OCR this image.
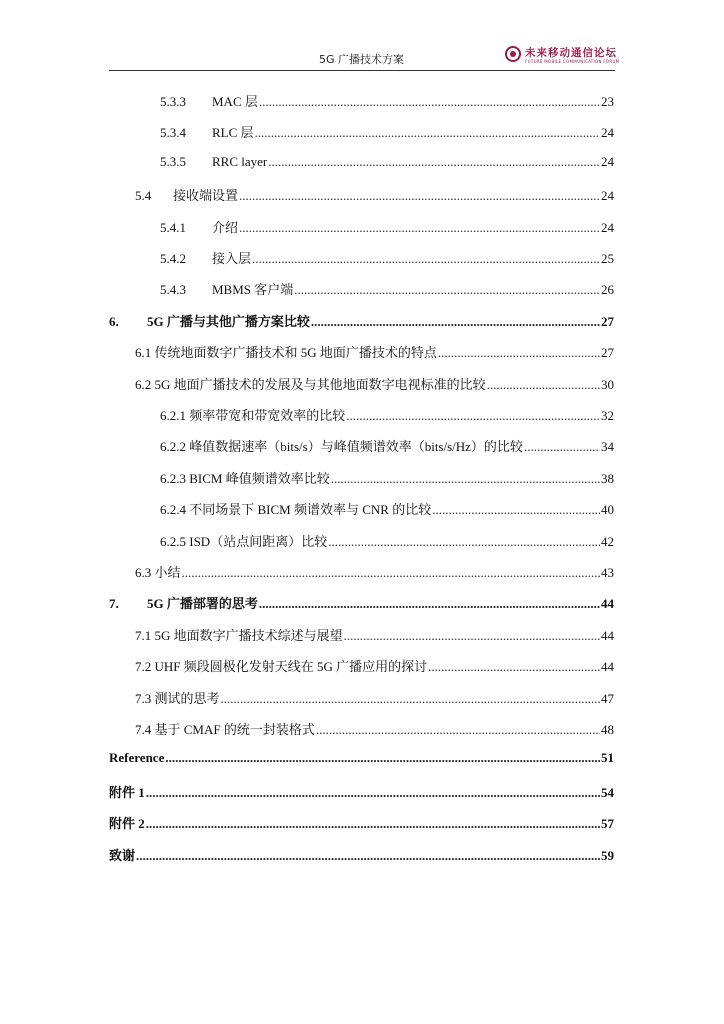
5G 广播技术方案	未来移动通信论坛
FUTURE MOBILE COMMUNICATION FORUM
5.3.3	MAC 层 .....	23
5.3.4	RLC 层 .....	24
5.3.5	RRC layer .....	24
5.4	接收端设置 .....	24
5.4.1	介绍 .....	24
5.4.2	接入层 .....	25
5.4.3	MBMS 客户端 .....	26
6.	5G 广播与其他广播方案比较 .....	27
6.1 传统地面数字广播技术和 5G 地面广播技术的特点 .....	27
6.2 5G 地面广播技术的发展及与其他地面数字电视标准的比较 .....	30
6.2.1 频率带宽和带宽效率的比较 .....	32
6.2.2 峰值数据速率（bits/s）与峰值频谱效率（bits/s/Hz）的比较 .....	34
6.2.3 BICM 峰值频谱效率比较 .....	38
6.2.4 不同场景下 BICM 频谱效率与 CNR 的比较 .....	40
6.2.5 ISD（站点间距离）比较 .....	42
6.3 小结 .....	43
7.	5G 广播部署的思考 .....	44
7.1 5G 地面数字广播技术综述与展望 .....	44
7.2 UHF 频段圆极化发射天线在 5G 广播应用的探讨 .....	44
7.3 测试的思考 .....	47
7.4 基于 CMAF 的统一封装格式 .....	48
Reference .....	51
附件 1 .....	54
附件 2 .....	57
致谢 .....	59
